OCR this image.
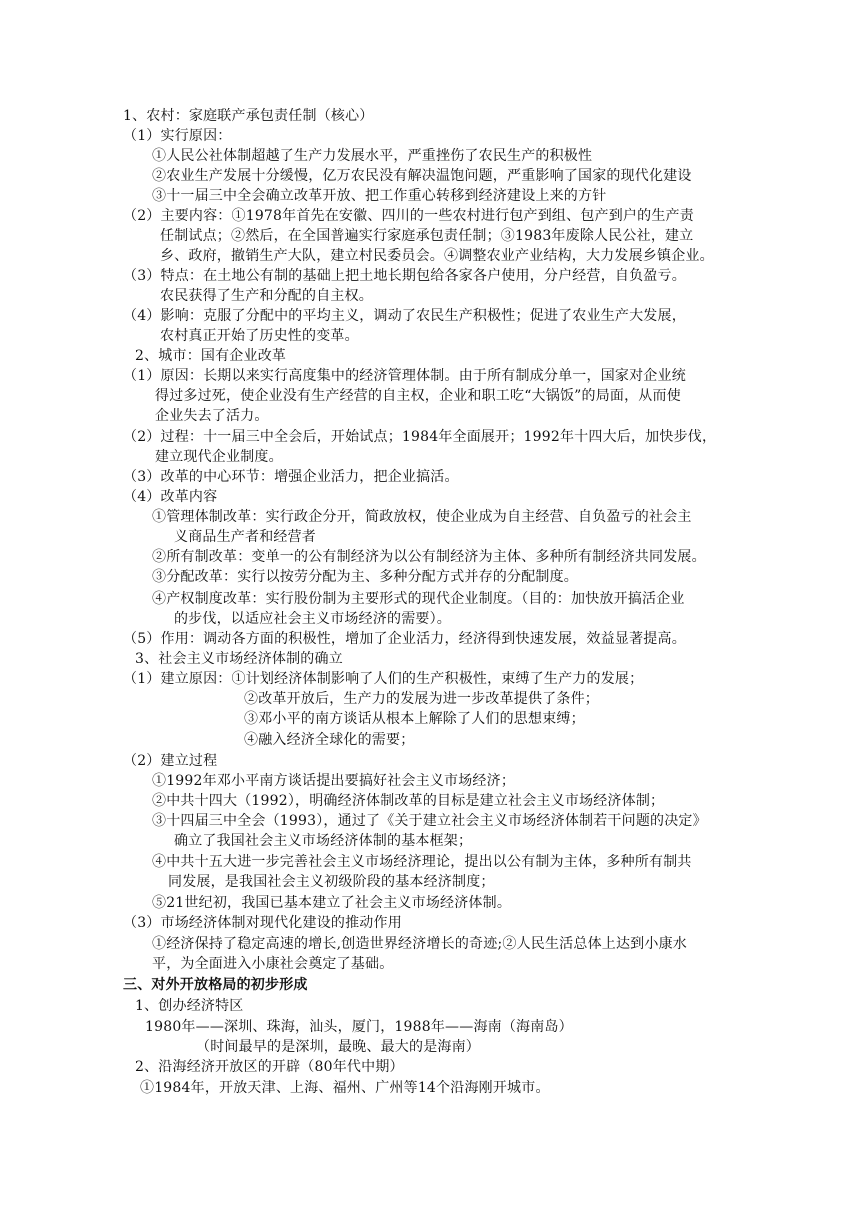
1、农村：家庭联产承包责任制（核心）
（1）实行原因：
①人民公社体制超越了生产力发展水平，严重挫伤了农民生产的积极性
②农业生产发展十分缓慢，亿万农民没有解决温饱问题，严重影响了国家的现代化建设
③十一届三中全会确立改革开放、把工作重心转移到经济建设上来的方针
（2）主要内容：①1978年首先在安徽、四川的一些农村进行包产到组、包产到户的生产责
任制试点；②然后，在全国普遍实行家庭承包责任制；③1983年废除人民公社，建立
乡、政府，撤销生产大队，建立村民委员会。④调整农业产业结构，大力发展乡镇企业。
（3）特点：在土地公有制的基础上把土地长期包给各家各户使用，分户经营，自负盈亏。
农民获得了生产和分配的自主权。
（4）影响：克服了分配中的平均主义，调动了农民生产积极性；促进了农业生产大发展，
农村真正开始了历史性的变革。
2、城市：国有企业改革
（1）原因：长期以来实行高度集中的经济管理体制。由于所有制成分单一，国家对企业统
得过多过死，使企业没有生产经营的自主权，企业和职工吃“大锅饭”的局面，从而使
企业失去了活力。
（2）过程：十一届三中全会后，开始试点；1984年全面展开；1992年十四大后，加快步伐，
建立现代企业制度。
（3）改革的中心环节：增强企业活力，把企业搞活。
（4）改革内容
①管理体制改革：实行政企分开，简政放权，使企业成为自主经营、自负盈亏的社会主
义商品生产者和经营者
②所有制改革：变单一的公有制经济为以公有制经济为主体、多种所有制经济共同发展。
③分配改革：实行以按劳分配为主、多种分配方式并存的分配制度。
④产权制度改革：实行股份制为主要形式的现代企业制度。（目的：加快放开搞活企业
的步伐，以适应社会主义市场经济的需要）。
（5）作用：调动各方面的积极性，增加了企业活力，经济得到快速发展，效益显著提高。
3、社会主义市场经济体制的确立
（1）建立原因：①计划经济体制影响了人们的生产积极性，束缚了生产力的发展；
②改革开放后，生产力的发展为进一步改革提供了条件；
③邓小平的南方谈话从根本上解除了人们的思想束缚；
④融入经济全球化的需要；
（2）建立过程
①1992年邓小平南方谈话提出要搞好社会主义市场经济；
②中共十四大（1992），明确经济体制改革的目标是建立社会主义市场经济体制；
③十四届三中全会（1993），通过了《关于建立社会主义市场经济体制若干问题的决定》
确立了我国社会主义市场经济体制的基本框架；
④中共十五大进一步完善社会主义市场经济理论，提出以公有制为主体，多种所有制共
同发展，是我国社会主义初级阶段的基本经济制度；
⑤21世纪初，我国已基本建立了社会主义市场经济体制。
（3）市场经济体制对现代化建设的推动作用
①经济保持了稳定高速的增长,创造世界经济增长的奇迹;②人民生活总体上达到小康水
平，为全面进入小康社会奠定了基础。
三、对外开放格局的初步形成
1、创办经济特区
1980年——深圳、珠海，汕头，厦门，1988年——海南（海南岛）
（时间最早的是深圳，最晚、最大的是海南）
2、沿海经济开放区的开辟（80年代中期）
①1984年，开放天津、上海、福州、广州等14个沿海刚开城市。
